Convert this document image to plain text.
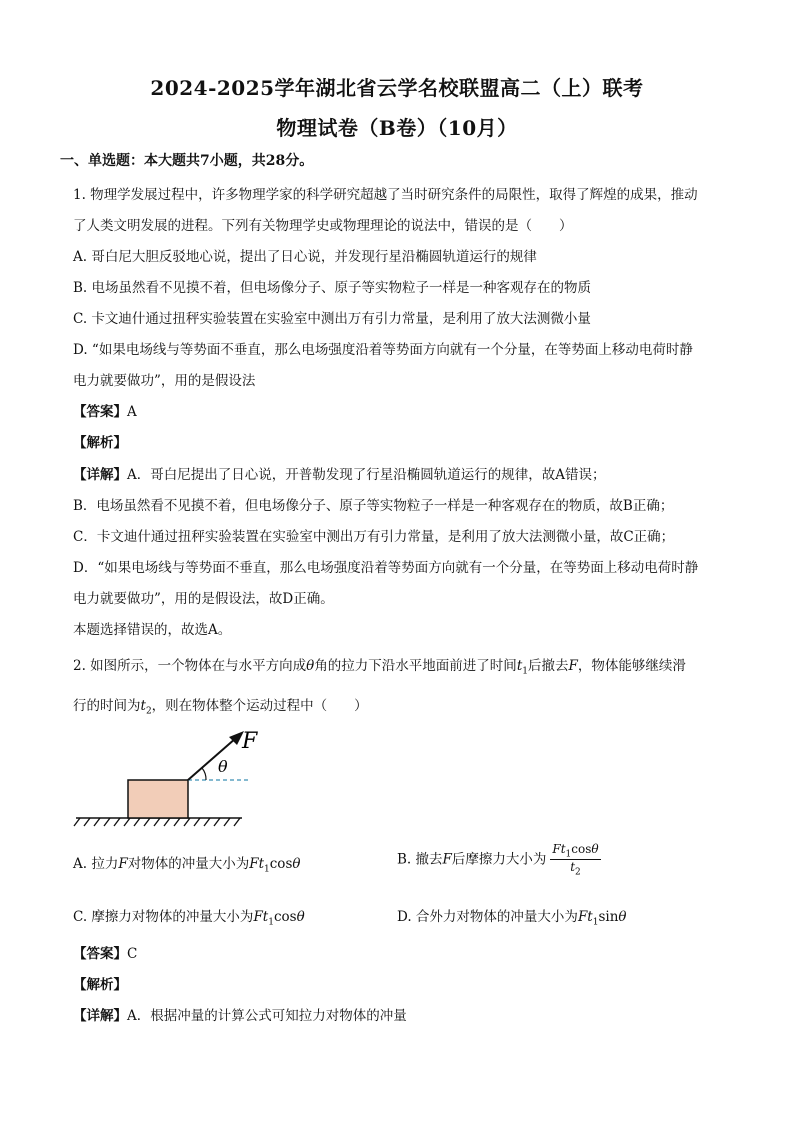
2024-2025学年湖北省云学名校联盟高二（上）联考
物理试卷（B卷）（10月）
一、单选题：本大题共7小题，共28分。
1. 物理学发展过程中，许多物理学家的科学研究超越了当时研究条件的局限性，取得了辉煌的成果，推动
了人类文明发展的进程。下列有关物理学史或物理理论的说法中，错误的是（　　）
A. 哥白尼大胆反驳地心说，提出了日心说，并发现行星沿椭圆轨道运行的规律
B. 电场虽然看不见摸不着，但电场像分子、原子等实物粒子一样是一种客观存在的物质
C. 卡文迪什通过扭秤实验装置在实验室中测出万有引力常量，是利用了放大法测微小量
D. “如果电场线与等势面不垂直，那么电场强度沿着等势面方向就有一个分量，在等势面上移动电荷时静
电力就要做功”，用的是假设法
【答案】A
【解析】
【详解】A．哥白尼提出了日心说，开普勒发现了行星沿椭圆轨道运行的规律，故A错误；
B．电场虽然看不见摸不着，但电场像分子、原子等实物粒子一样是一种客观存在的物质，故B正确；
C．卡文迪什通过扭秤实验装置在实验室中测出万有引力常量，是利用了放大法测微小量，故C正确；
D．“如果电场线与等势面不垂直，那么电场强度沿着等势面方向就有一个分量，在等势面上移动电荷时静
电力就要做功”，用的是假设法，故D正确。
本题选择错误的，故选A。
2. 如图所示，一个物体在与水平方向成θ角的拉力下沿水平地面前进了时间$t_1$后撤去F，物体能够继续滑
行的时间为$t_2$，则在物体整个运动过程中（　　）
F
θ
A. 拉力F对物体的冲量大小为$Ft_1\cos\theta$	B. 撤去F后摩擦力大小为 $\frac{Ft_1\cos\theta}{t_2}$
C. 摩擦力对物体的冲量大小为$Ft_1\cos\theta$	D. 合外力对物体的冲量大小为$Ft_1\sin\theta$
【答案】C
【解析】
【详解】A．根据冲量的计算公式可知拉力对物体的冲量
